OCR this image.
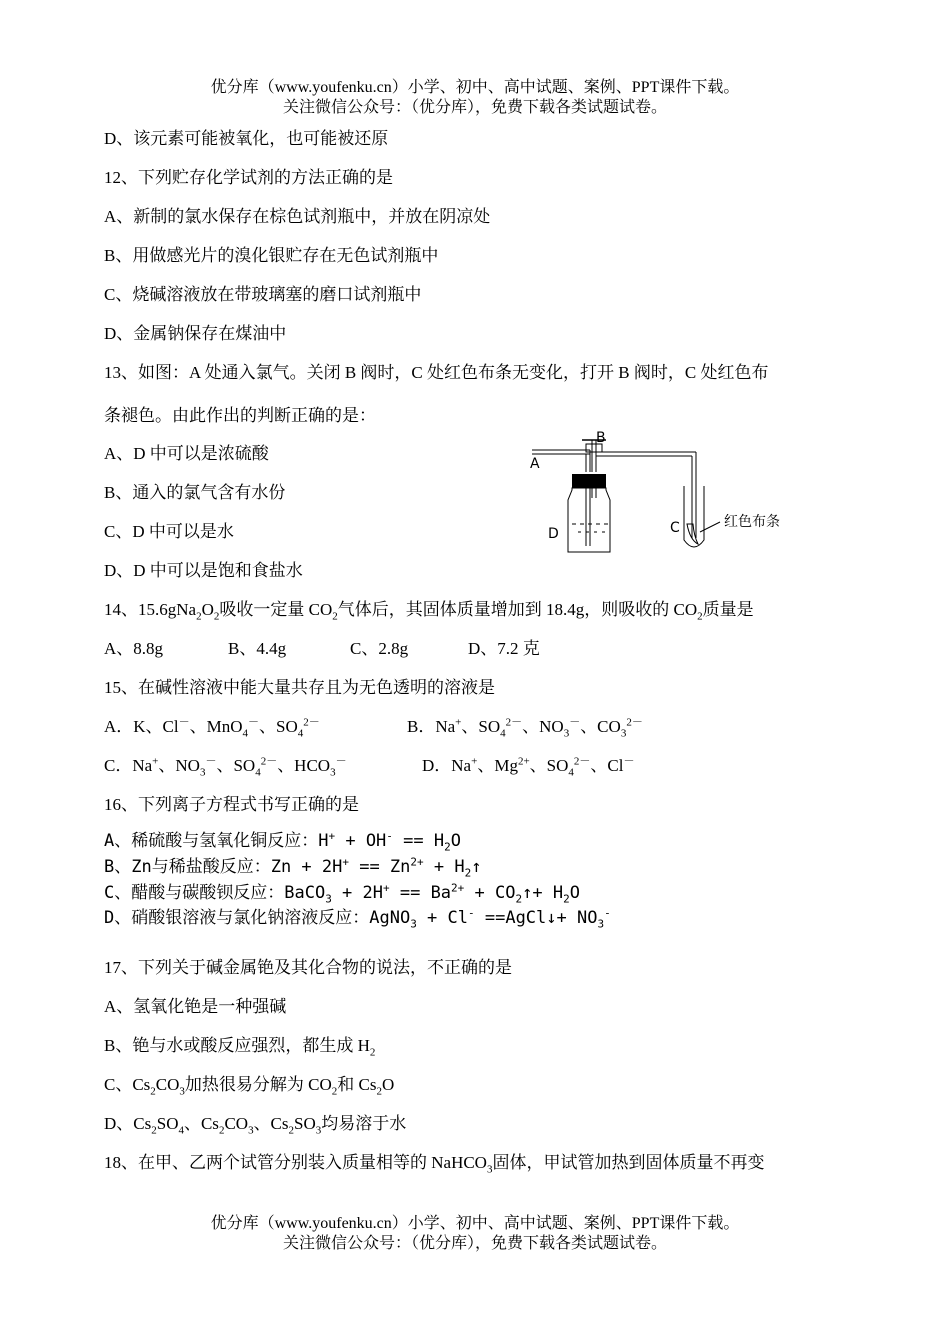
优分库（www.youfenku.cn）小学、初中、高中试题、案例、PPT课件下载。
关注微信公众号：（优分库），免费下载各类试题试卷。
D、该元素可能被氧化，也可能被还原
12、下列贮存化学试剂的方法正确的是
A、新制的氯水保存在棕色试剂瓶中，并放在阴凉处
B、用做感光片的溴化银贮存在无色试剂瓶中
C、烧碱溶液放在带玻璃塞的磨口试剂瓶中
D、金属钠保存在煤油中
13、如图：A 处通入氯气。关闭 B 阀时，C 处红色布条无变化，打开 B 阀时，C 处红色布
条褪色。由此作出的判断正确的是：
A、D 中可以是浓硫酸
B、通入的氯气含有水份
C、D 中可以是水
D、D 中可以是饱和食盐水
A
B
C
D
红色布条
14、$15.6gNa_2O_2$吸收一定量 $CO_2$气体后，其固体质量增加到 18.4g，则吸收的 $CO_2$质量是
A、8.8g	B、4.4g	C、2.8g	D、7.2 克
15、在碱性溶液中能大量共存且为无色透明的溶液是
A．K、Cl－、MnO$_4$－、$SO_4^{2-}$	B．Na+、$SO_4^{2-}$、$NO_3^-$、$CO_3^{2-}$
C．Na+、$NO_3^-$、$SO_4^{2-}$、$HCO_3^-$	D．Na+、$Mg^{2+}$、$SO_4^{2-}$、Cl－
16、下列离子方程式书写正确的是
A、稀硫酸与氢氧化铜反应：$H^+ + OH^- == H_2O$
B、Zn与稀盐酸反应：$Zn + 2H^+ == Zn^{2+}$ + $H_2↑$
C、醋酸与碳酸钡反应：BaCO$_3$ + $2H^+ == Ba^{2+}$ + $CO_2↑+ H_2O$
D、硝酸银溶液与氯化钠溶液反应：AgNO$_3$ + Cl- ==AgCl↓+ $NO_3^-$
17、下列关于碱金属铯及其化合物的说法，不正确的是
A、氢氧化铯是一种强碱
B、铯与水或酸反应强烈，都生成 $H_2$
C、$Cs_2CO_3$加热很易分解为 $CO_2$和 $Cs_2O$
D、$Cs_2SO_4$、$Cs_2CO_3$、$Cs_2SO_3$均易溶于水
18、在甲、乙两个试管分别装入质量相等的 NaHCO$_3$固体，甲试管加热到固体质量不再变
优分库（www.youfenku.cn）小学、初中、高中试题、案例、PPT课件下载。
关注微信公众号：（优分库），免费下载各类试题试卷。
